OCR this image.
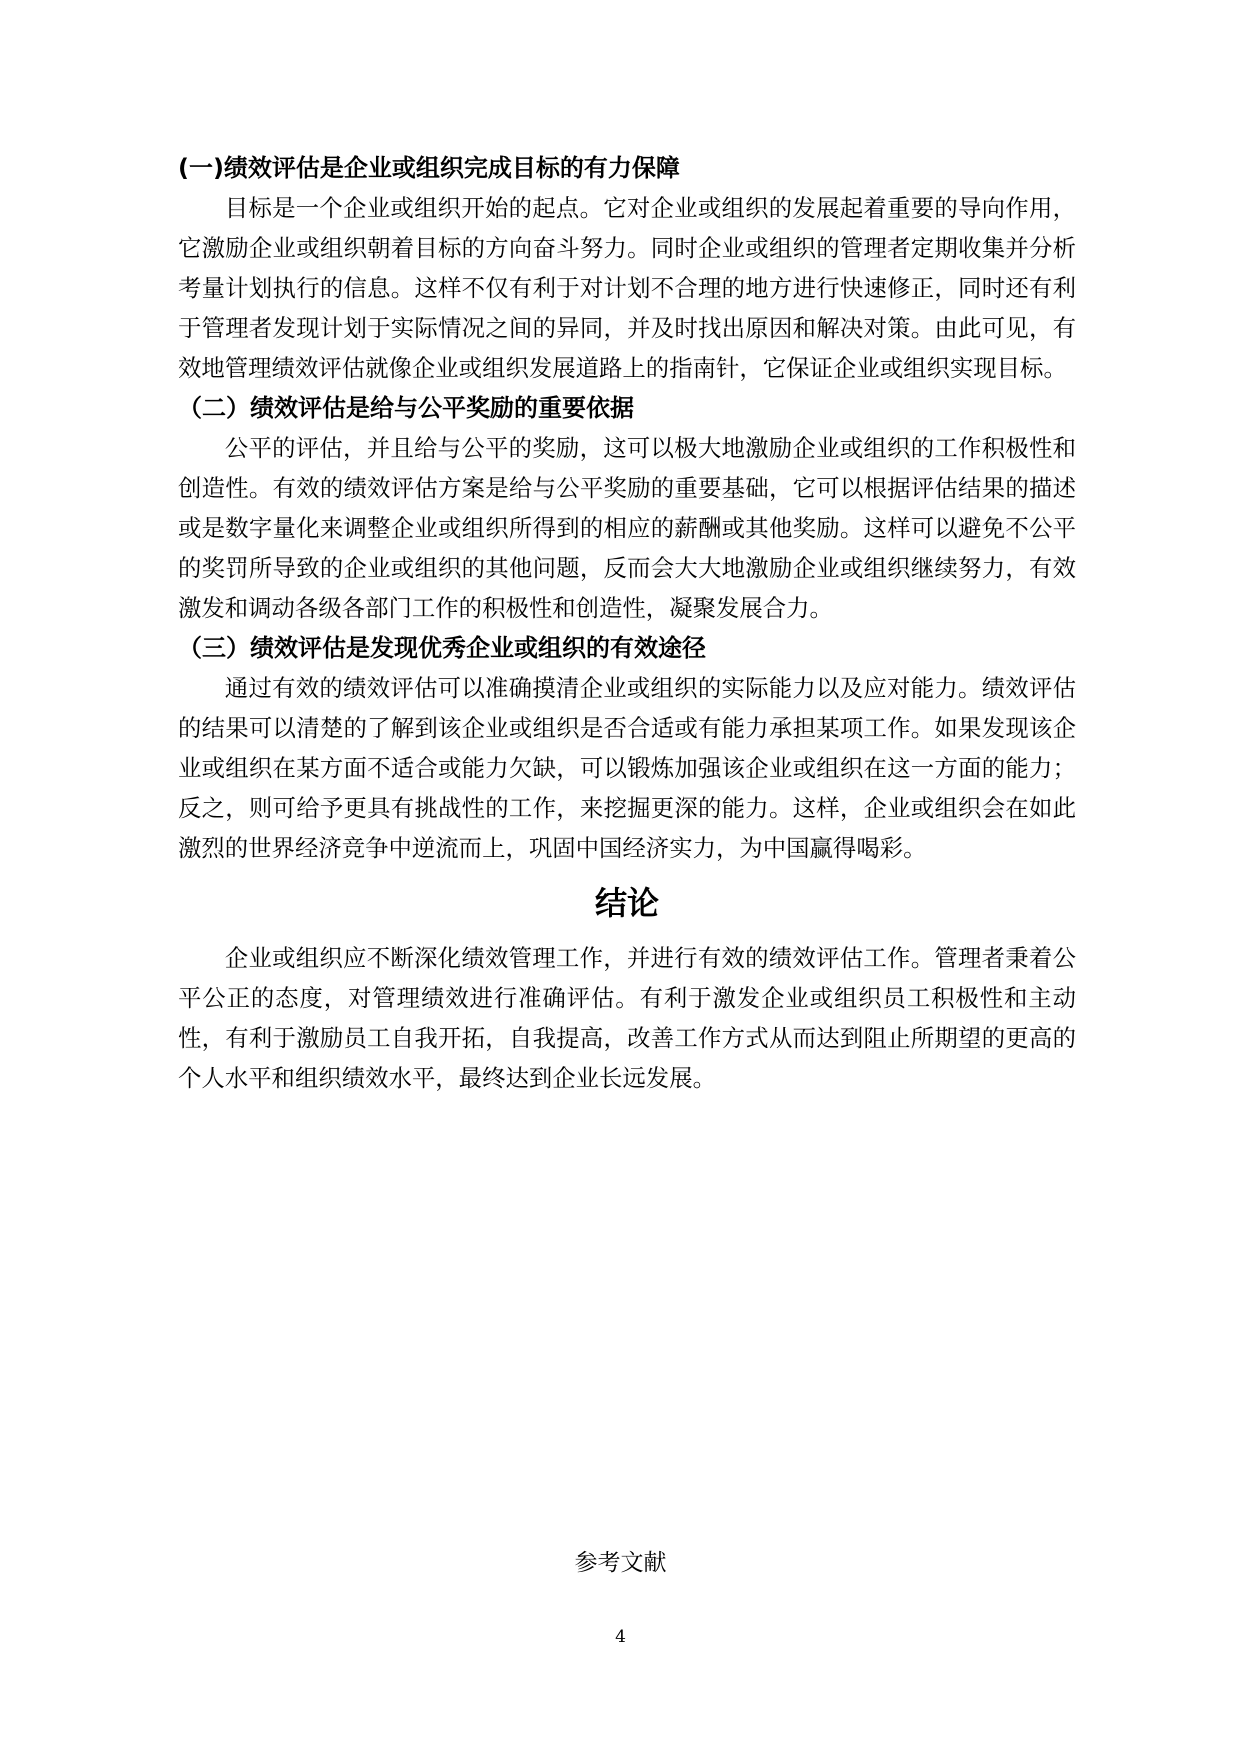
(一)绩效评估是企业或组织完成目标的有力保障

目标是一个企业或组织开始的起点。它对企业或组织的发展起着重要的导向作用，它激励企业或组织朝着目标的方向奋斗努力。同时企业或组织的管理者定期收集并分析考量计划执行的信息。这样不仅有利于对计划不合理的地方进行快速修正，同时还有利于管理者发现计划于实际情况之间的异同，并及时找出原因和解决对策。由此可见，有效地管理绩效评估就像企业或组织发展道路上的指南针，它保证企业或组织实现目标。

（二）绩效评估是给与公平奖励的重要依据

公平的评估，并且给与公平的奖励，这可以极大地激励企业或组织的工作积极性和创造性。有效的绩效评估方案是给与公平奖励的重要基础，它可以根据评估结果的描述或是数字量化来调整企业或组织所得到的相应的薪酬或其他奖励。这样可以避免不公平的奖罚所导致的企业或组织的其他问题，反而会大大地激励企业或组织继续努力，有效激发和调动各级各部门工作的积极性和创造性，凝聚发展合力。

（三）绩效评估是发现优秀企业或组织的有效途径

通过有效的绩效评估可以准确摸清企业或组织的实际能力以及应对能力。绩效评估的结果可以清楚的了解到该企业或组织是否合适或有能力承担某项工作。如果发现该企业或组织在某方面不适合或能力欠缺，可以锻炼加强该企业或组织在这一方面的能力；反之，则可给予更具有挑战性的工作，来挖掘更深的能力。这样，企业或组织会在如此激烈的世界经济竞争中逆流而上，巩固中国经济实力，为中国赢得喝彩。

结论

企业或组织应不断深化绩效管理工作，并进行有效的绩效评估工作。管理者秉着公平公正的态度，对管理绩效进行准确评估。有利于激发企业或组织员工积极性和主动性，有利于激励员工自我开拓，自我提高，改善工作方式从而达到阻止所期望的更高的个人水平和组织绩效水平，最终达到企业长远发展。

参考文献
4
